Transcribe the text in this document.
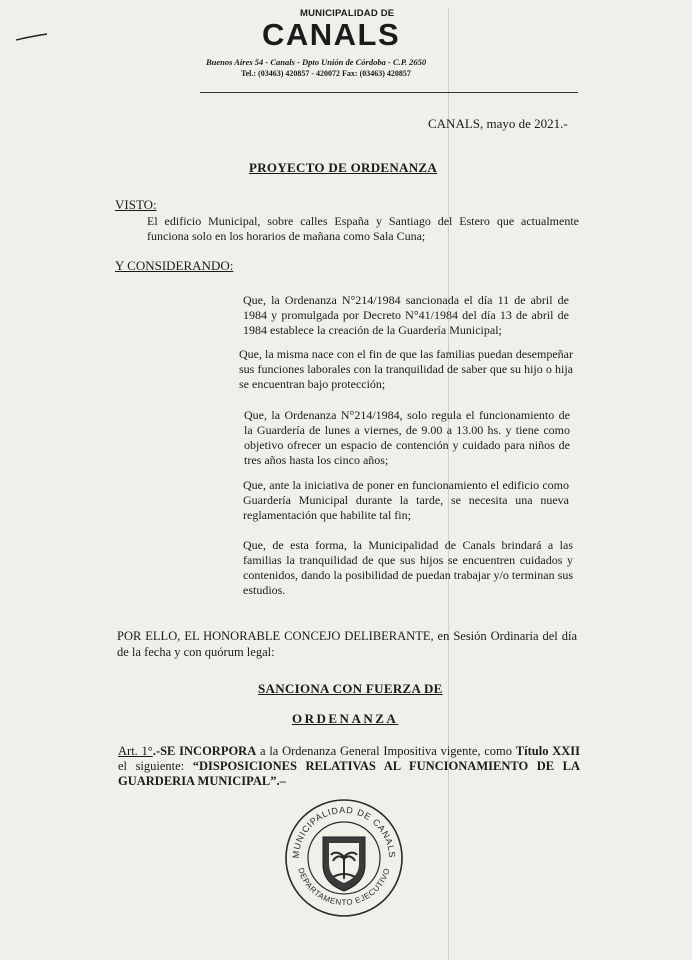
MUNICIPALIDAD DE
CANALS
Buenos Aires 54 - Canals - Dpto Unión de Córdoba - C.P. 2650
Tel.: (03463) 420857 - 420072 Fax: (03463) 420857
CANALS, mayo de 2021.-
PROYECTO DE ORDENANZA
VISTO:
El edificio Municipal, sobre calles España y Santiago del Estero que actualmente funciona solo en los horarios de mañana como Sala Cuna;
Y CONSIDERANDO:
Que, la Ordenanza N°214/1984 sancionada el día 11 de abril de 1984 y promulgada por Decreto N°41/1984 del día 13 de abril de 1984 establece la creación de la Guardería Municipal;
Que, la misma nace con el fin de que las familias puedan desempeñar sus funciones laborales con la tranquilidad de saber que su hijo o hija se encuentran bajo protección;
Que, la Ordenanza N°214/1984, solo regula el funcionamiento de la Guardería de lunes a viernes, de 9.00 a 13.00 hs. y tiene como objetivo ofrecer un espacio de contención y cuidado para niños de tres años hasta los cinco años;
Que, ante la iniciativa de poner en funcionamiento el edificio como Guardería Municipal durante la tarde, se necesita una nueva reglamentación que habilite tal fin;
Que, de esta forma, la Municipalidad de Canals brindará a las familias la tranquilidad de que sus hijos se encuentren cuidados y contenidos, dando la posibilidad de puedan trabajar y/o terminan sus estudios.
POR ELLO, EL HONORABLE CONCEJO DELIBERANTE, en Sesión Ordinaria del día de la fecha y con quórum legal:
SANCIONA CON FUERZA DE
ORDENANZA
Art. 1°.-SE INCORPORA a la Ordenanza General Impositiva vigente, como Título XXII el siguiente: “DISPOSICIONES RELATIVAS AL FUNCIONAMIENTO DE LA GUARDERIA MUNICIPAL”.–
MUNICIPALIDAD DE CANALS
DEPARTAMENTO EJECUTIVO
